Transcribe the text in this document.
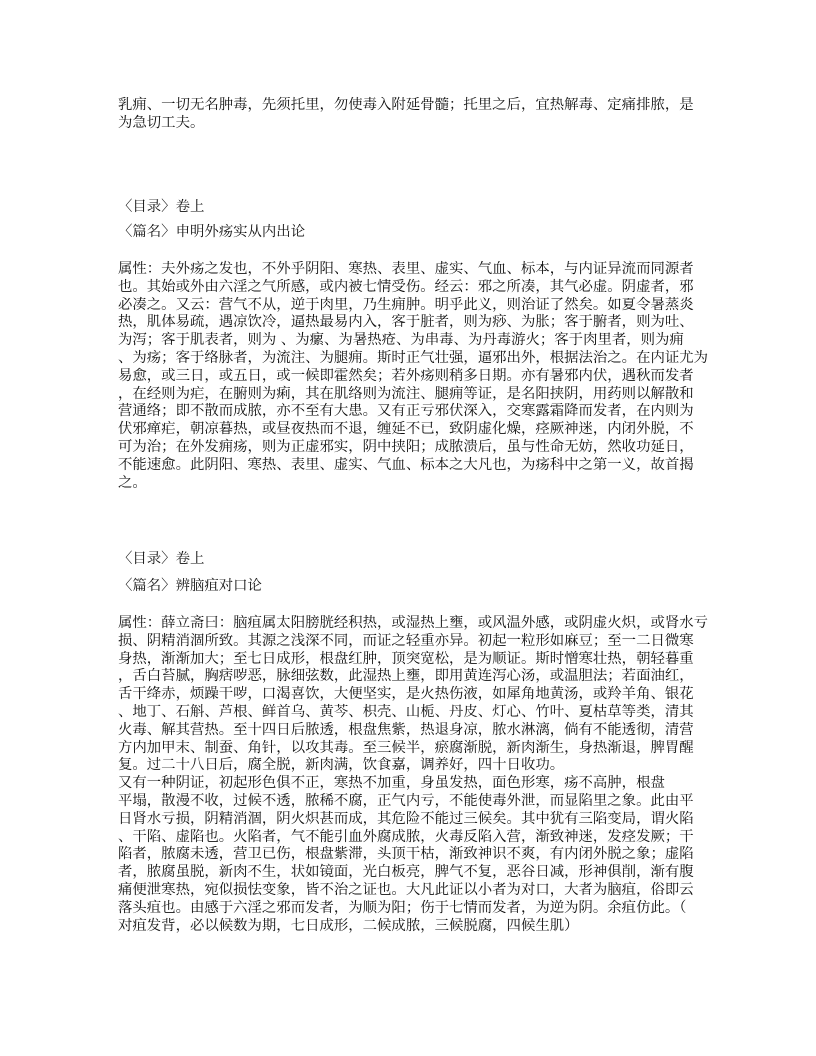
乳痈、一切无名肿毒，先须托里，勿使毒入附延骨髓；托里之后，宜热解毒、定痛排脓，是
为急切工夫。
〈目录〉卷上
〈篇名〉申明外疡实从内出论
属性：夫外疡之发也，不外乎阴阳、寒热、表里、虚实、气血、标本，与内证异流而同源者
也。其始或外由六淫之气所感，或内被七情受伤。经云：邪之所凑，其气必虚。阴虚者，邪
必凑之。又云：营气不从，逆于肉里，乃生痈肿。明乎此义，则治证了然矣。如夏令暑蒸炎
热，肌体易疏，遇凉饮冷，逼热最易内入，客于脏者，则为痧、为胀；客于腑者，则为吐、
为泻；客于肌表者，则为 、为瘰、为暑热疮、为串毒、为丹毒游火；客于肉里者，则为痈
、为疡；客于络脉者，为流注、为腿痈。斯时正气壮强，逼邪出外，根据法治之。在内证尤为
易愈，或三日，或五日，或一候即霍然矣；若外疡则稍多日期。亦有暑邪内伏，遇秋而发者
，在经则为疟，在腑则为痢，其在肌络则为流注、腿痈等证，是名阳挟阴，用药则以解散和
营通络；即不散而成脓，亦不至有大患。又有正亏邪伏深入，交寒露霜降而发者，在内则为
伏邪瘅疟，朝凉暮热，或昼夜热而不退，缠延不已，致阴虚化燥，痉厥神迷，内闭外脱，不
可为治；在外发痈疡，则为正虚邪实，阴中挟阳；成脓溃后，虽与性命无妨，然收功延日，
不能速愈。此阴阳、寒热、表里、虚实、气血、标本之大凡也，为疡科中之第一义，故首揭
之。
〈目录〉卷上
〈篇名〉辨脑疽对口论
属性：薛立斋曰：脑疽属太阳膀胱经积热，或湿热上壅，或风温外感，或阴虚火炽，或肾水亏
损、阴精消涸所致。其源之浅深不同，而证之轻重亦异。初起一粒形如麻豆；至一二日微寒
身热，渐渐加大；至七日成形，根盘红肿，顶突宽松，是为顺证。斯时憎寒壮热，朝轻暮重
，舌白苔腻，胸痞哕恶，脉细弦数，此湿热上壅，即用黄连泻心汤，或温胆法；若面油红，
舌干绛赤，烦躁干哕，口渴喜饮，大便坚实，是火热伤液，如犀角地黄汤，或羚羊角、银花
、地丁、石斛、芦根、鲜首乌、黄芩、枳壳、山栀、丹皮、灯心、竹叶、夏枯草等类，清其
火毒、解其营热。至十四日后脓透，根盘焦紫，热退身凉，脓水淋漓，倘有不能透彻，清营
方内加甲末、制蚕、角针，以攻其毒。至三候半，瘀腐渐脱，新肉渐生，身热渐退，脾胃醒
复。过二十八日后，腐全脱，新肉满，饮食嘉，调养好，四十日收功。
又有一种阴证，初起形色俱不正，寒热不加重，身虽发热，面色形寒，疡不高肿，根盘
平塌，散漫不收，过候不透，脓稀不腐，正气内亏，不能使毒外泄，而显陷里之象。此由平
日肾水亏损，阴精消涸，阴火炽甚而成，其危险不能过三候矣。其中犹有三陷变局，谓火陷
、干陷、虚陷也。火陷者，气不能引血外腐成脓，火毒反陷入营，渐致神迷，发痉发厥；干
陷者，脓腐未透，营卫已伤，根盘紫滞，头顶干枯，渐致神识不爽，有内闭外脱之象；虚陷
者，脓腐虽脱，新肉不生，状如镜面，光白板亮，脾气不复，恶谷日减，形神俱削，渐有腹
痛便泄寒热，宛似损怯变象，皆不治之证也。大凡此证以小者为对口，大者为脑疽，俗即云
落头疽也。由感于六淫之邪而发者，为顺为阳；伤于七情而发者，为逆为阴。余疽仿此。（
对疽发背，必以候数为期，七日成形，二候成脓，三候脱腐，四候生肌）
